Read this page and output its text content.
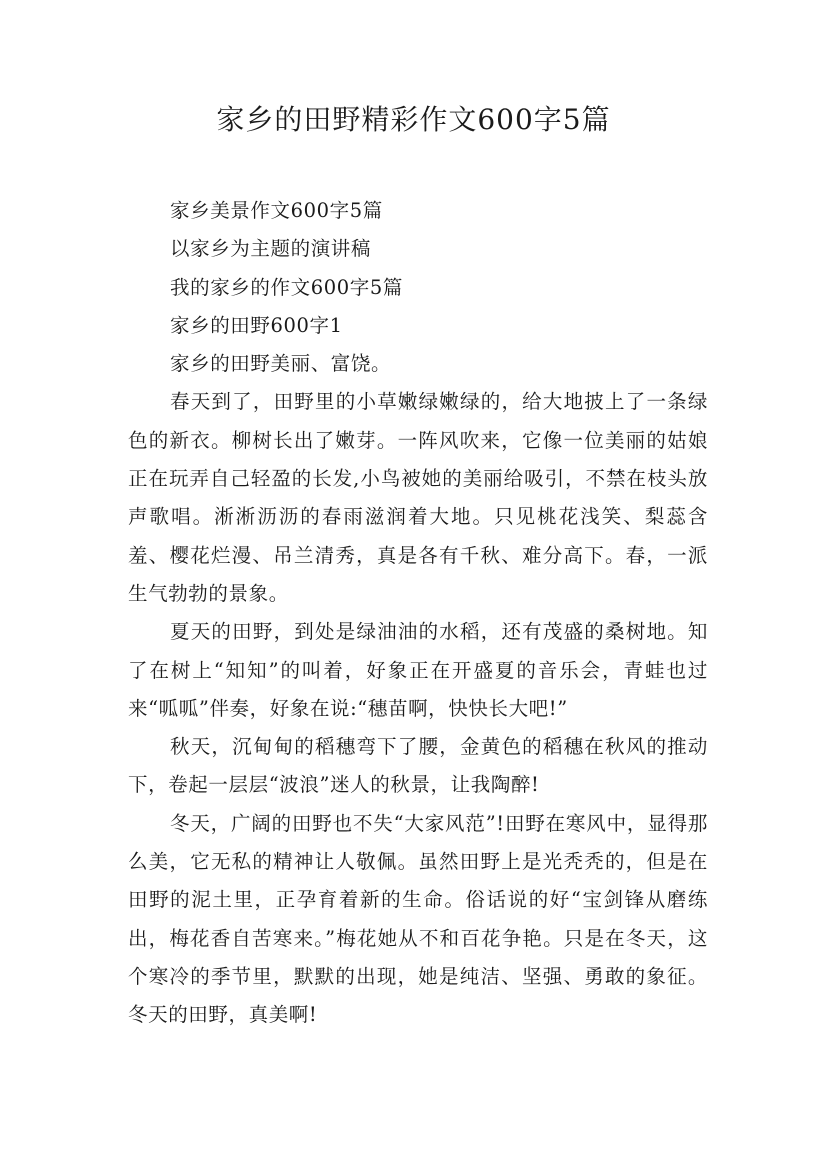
家乡的田野精彩作文600字5篇

家乡美景作文600字5篇

以家乡为主题的演讲稿

我的家乡的作文600字5篇

家乡的田野600字1

家乡的田野美丽、富饶。

春天到了，田野里的小草嫩绿嫩绿的，给大地披上了一条绿色的新衣。柳树长出了嫩芽。一阵风吹来，它像一位美丽的姑娘正在玩弄自己轻盈的长发,小鸟被她的美丽给吸引，不禁在枝头放声歌唱。淅淅沥沥的春雨滋润着大地。只见桃花浅笑、梨蕊含羞、樱花烂漫、吊兰清秀，真是各有千秋、难分高下。春，一派生气勃勃的景象。

夏天的田野，到处是绿油油的水稻，还有茂盛的桑树地。知了在树上“知知”的叫着，好象正在开盛夏的音乐会，青蛙也过来“呱呱”伴奏，好象在说:“穗苗啊，快快长大吧!”

秋天，沉甸甸的稻穗弯下了腰，金黄色的稻穗在秋风的推动下，卷起一层层“波浪”迷人的秋景，让我陶醉!

冬天，广阔的田野也不失“大家风范”!田野在寒风中，显得那么美，它无私的精神让人敬佩。虽然田野上是光秃秃的，但是在田野的泥土里，正孕育着新的生命。俗话说的好“宝剑锋从磨练出，梅花香自苦寒来。”梅花她从不和百花争艳。只是在冬天，这个寒冷的季节里，默默的出现，她是纯洁、坚强、勇敢的象征。冬天的田野，真美啊!
